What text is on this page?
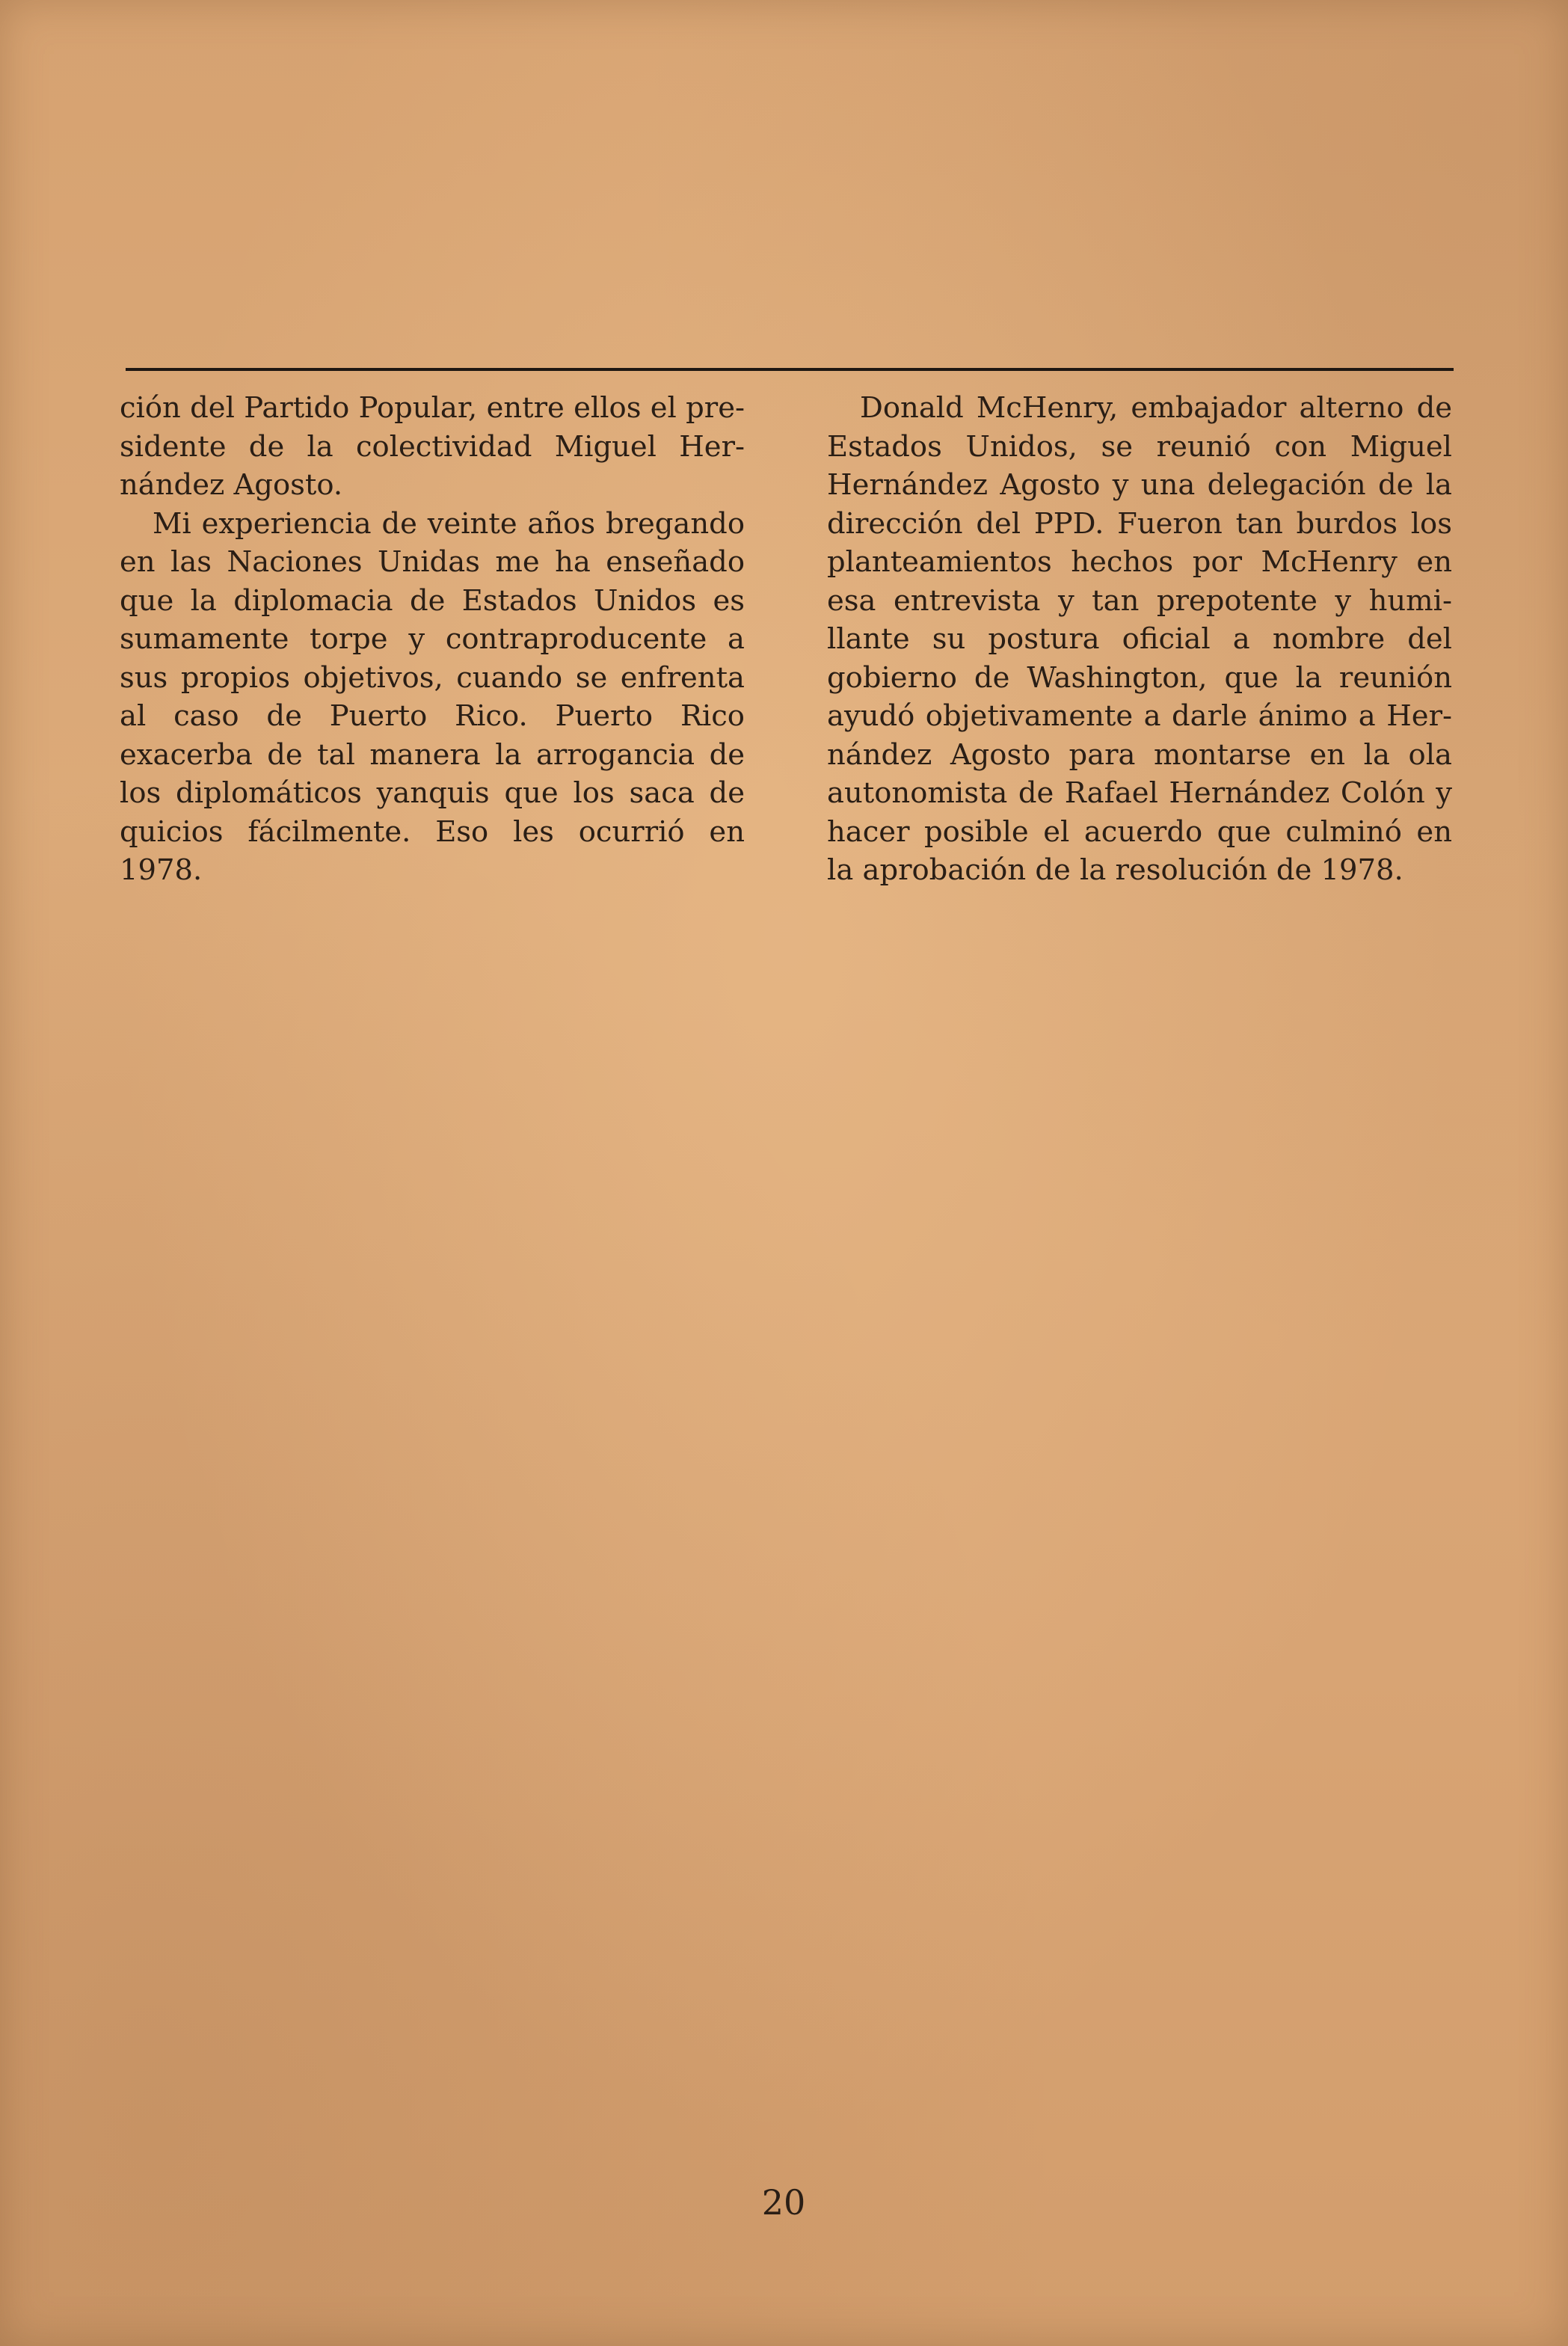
ción del Partido Popular, entre ellos el presidente de la colectividad Miguel Hernández Agosto.

Mi experiencia de veinte años bregando en las Naciones Unidas me ha enseñado que la diplomacia de Estados Unidos es sumamente torpe y contraproducente a sus propios objetivos, cuando se enfrenta al caso de Puerto Rico. Puerto Rico exacerba de tal manera la arrogancia de los diplomáticos yanquis que los saca de quicios fácilmente. Eso les ocurrió en 1978.

Donald McHenry, embajador alterno de Estados Unidos, se reunió con Miguel Hernández Agosto y una delegación de la dirección del PPD. Fueron tan burdos los planteamientos hechos por McHenry en esa entrevista y tan prepotente y humillante su postura oficial a nombre del gobierno de Washington, que la reunión ayudó objetivamente a darle ánimo a Hernández Agosto para montarse en la ola autonomista de Rafael Hernández Colón y hacer posible el acuerdo que culminó en la aprobación de la resolución de 1978.

20
